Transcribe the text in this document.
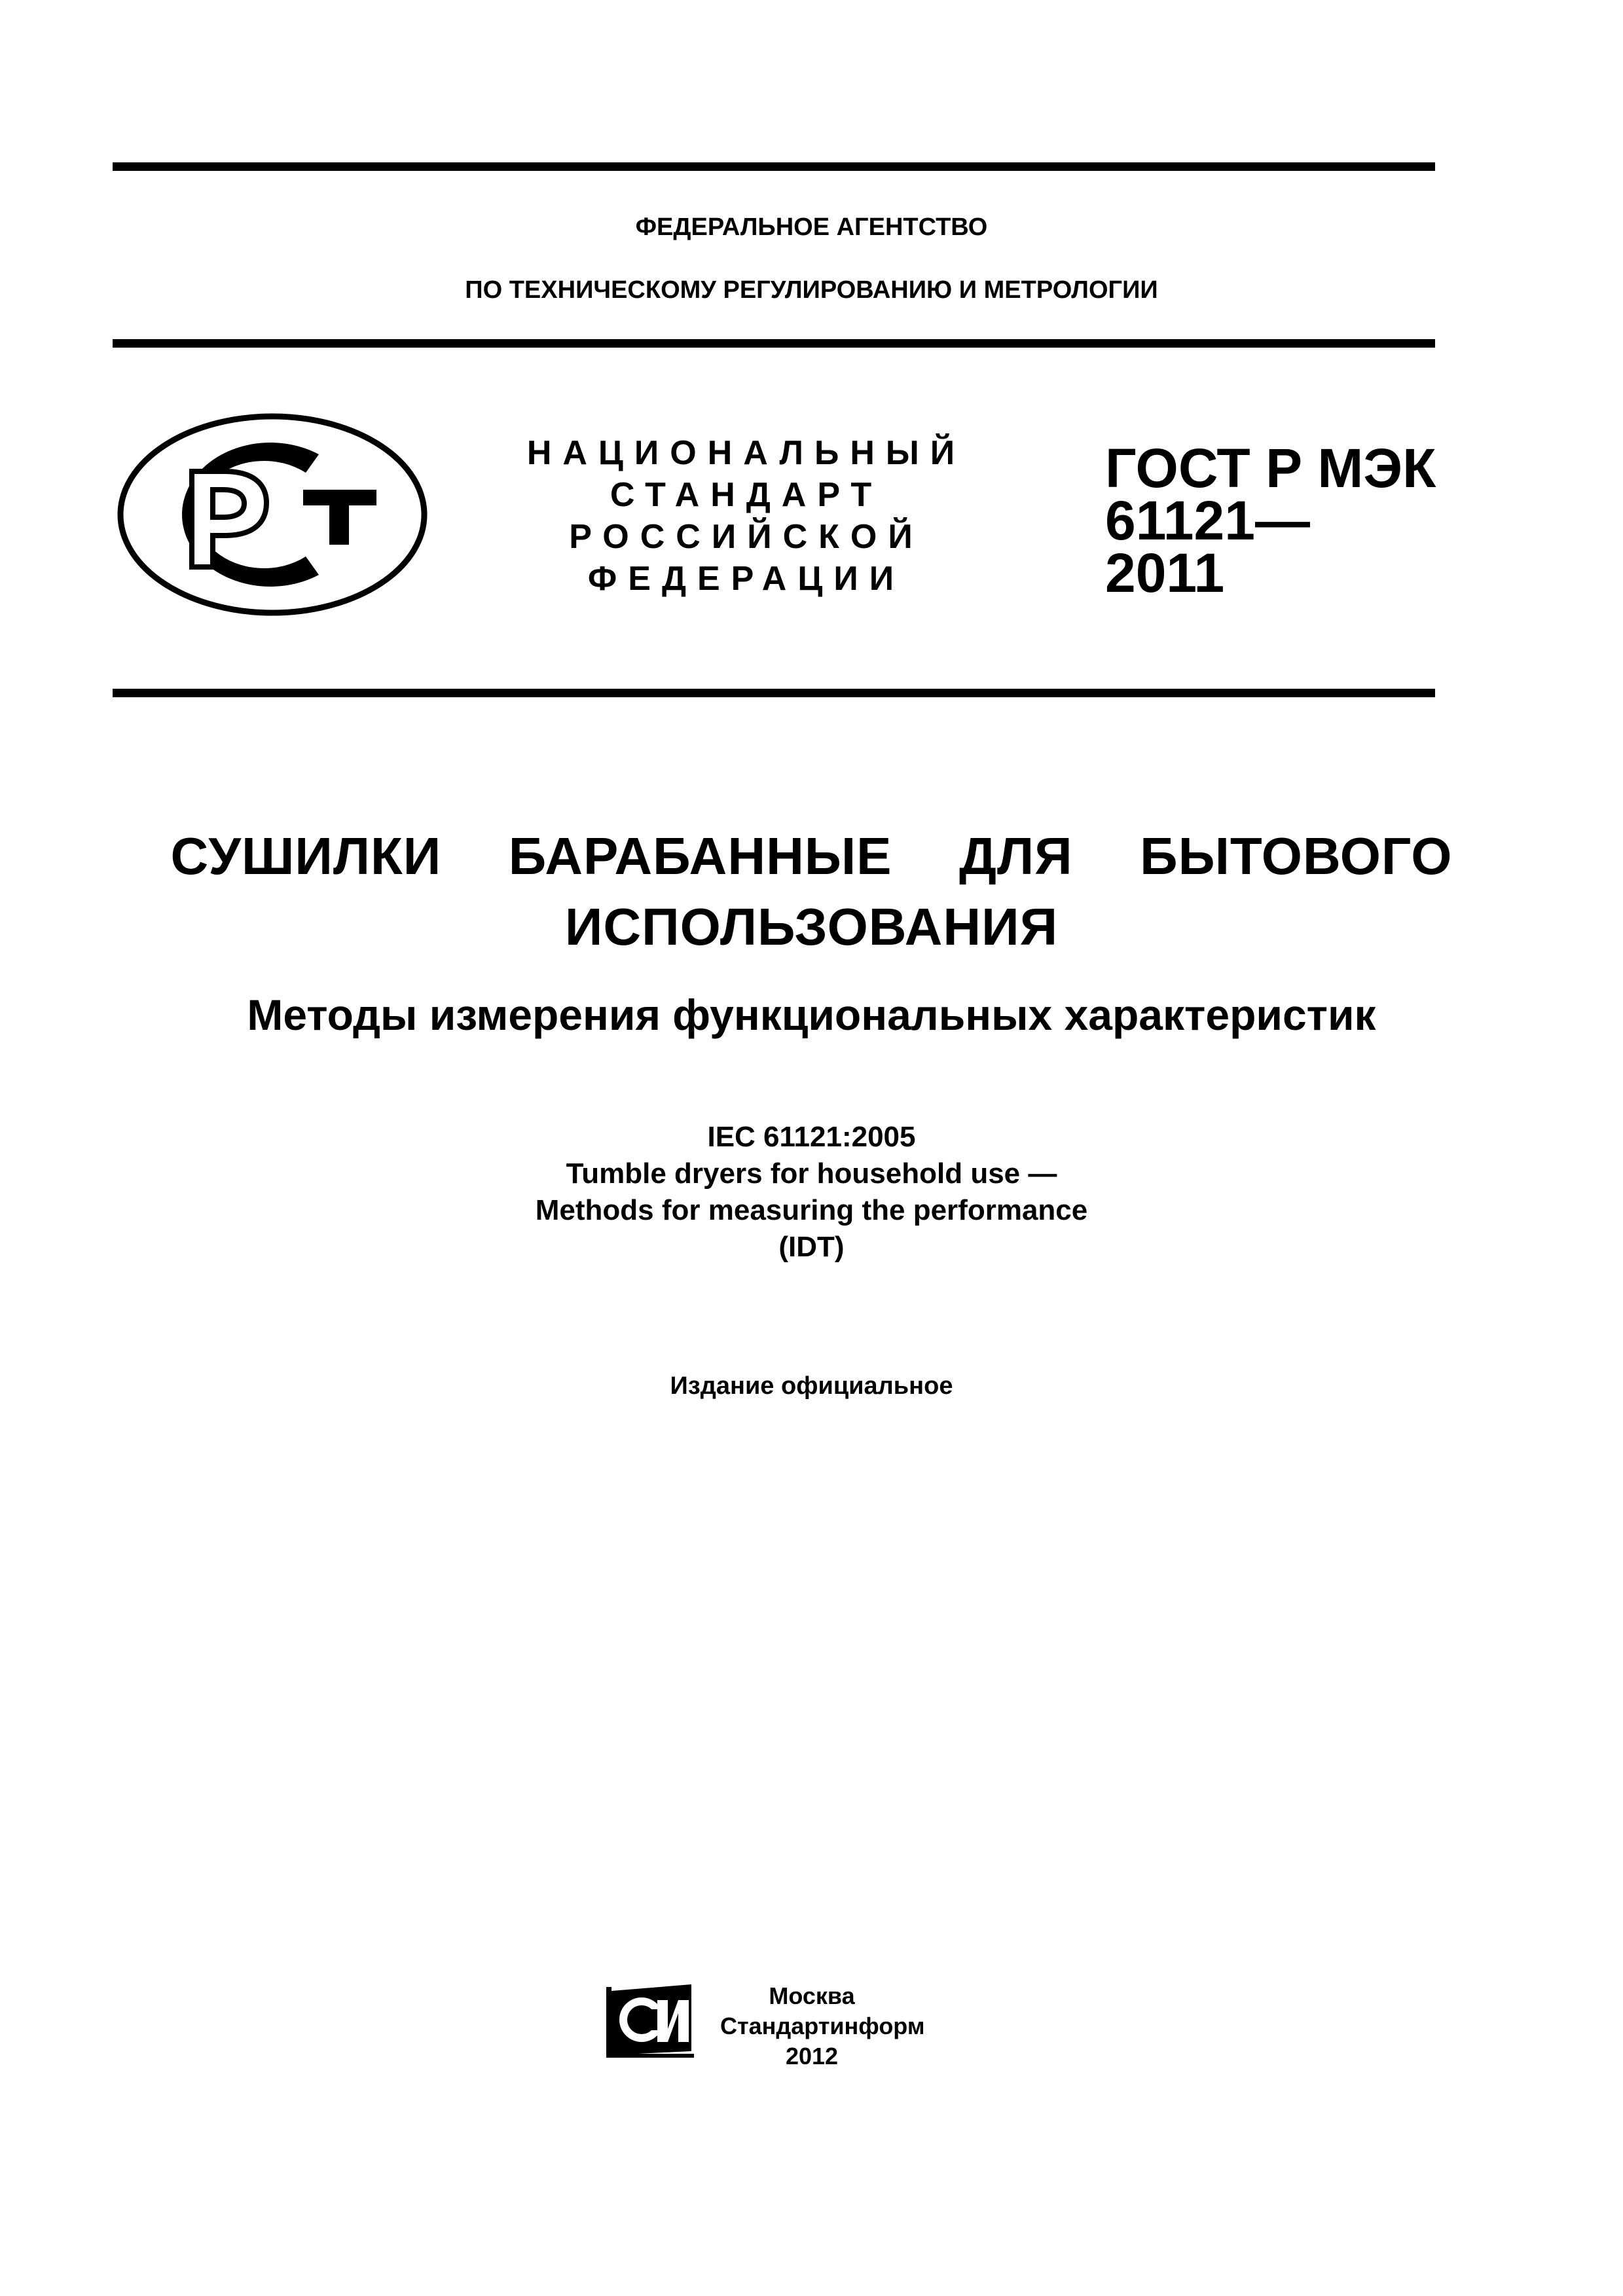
ФЕДЕРАЛЬНОЕ АГЕНТСТВО
ПО ТЕХНИЧЕСКОМУ РЕГУЛИРОВАНИЮ И МЕТРОЛОГИИ
НАЦИОНАЛЬНЫЙ
СТАНДАРТ
РОССИЙСКОЙ
ФЕДЕРАЦИИ
ГОСТ Р МЭК
61121—
2011
СУШИЛКИ  БАРАБАННЫЕ  ДЛЯ  БЫТОВОГО
ИСПОЛЬЗОВАНИЯ
Методы измерения функциональных характеристик
IEC 61121:2005
Tumble dryers for household use —
Methods for measuring the performance
(IDT)
Издание официальное
Москва
Стандартинформ
2012
